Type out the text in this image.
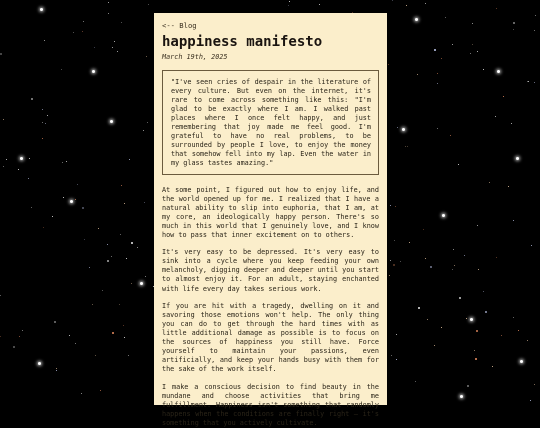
<-- Blog
happiness manifesto
March 19th, 2025
"I've seen cries of despair in the literature of every culture. But even on the internet, it's rare to come across something like this: "I'm glad to be exactly where I am. I walked past places where I once felt happy, and just remembering that joy made me feel good. I'm grateful to have no real problems, to be surrounded by people I love, to enjoy the money that somehow fell into my lap. Even the water in my glass tastes amazing."

At some point, I figured out how to enjoy life, and the world opened up for me. I realized that I have a natural ability to slip into euphoria, that I am, at my core, an ideologically happy person. There's so much in this world that I genuinely love, and I know how to pass that inner excitement on to others.

It's very easy to be depressed. It's very easy to sink into a cycle where you keep feeding your own melancholy, digging deeper and deeper until you start to almost enjoy it. For an adult, staying enchanted with life every day takes serious work.

If you are hit with a tragedy, dwelling on it and savoring those emotions won't help. The only thing you can do to get through the hard times with as little additional damage as possible is to focus on the sources of happiness you still have. Force yourself to maintain your passions, even artificially, and keep your hands busy with them for the sake of the work itself.

I make a conscious decision to find beauty in the mundane and choose activities that bring me fulfillment. Happiness isn't something that randomly happens when the conditions are finally right — it's something that you actively cultivate.
